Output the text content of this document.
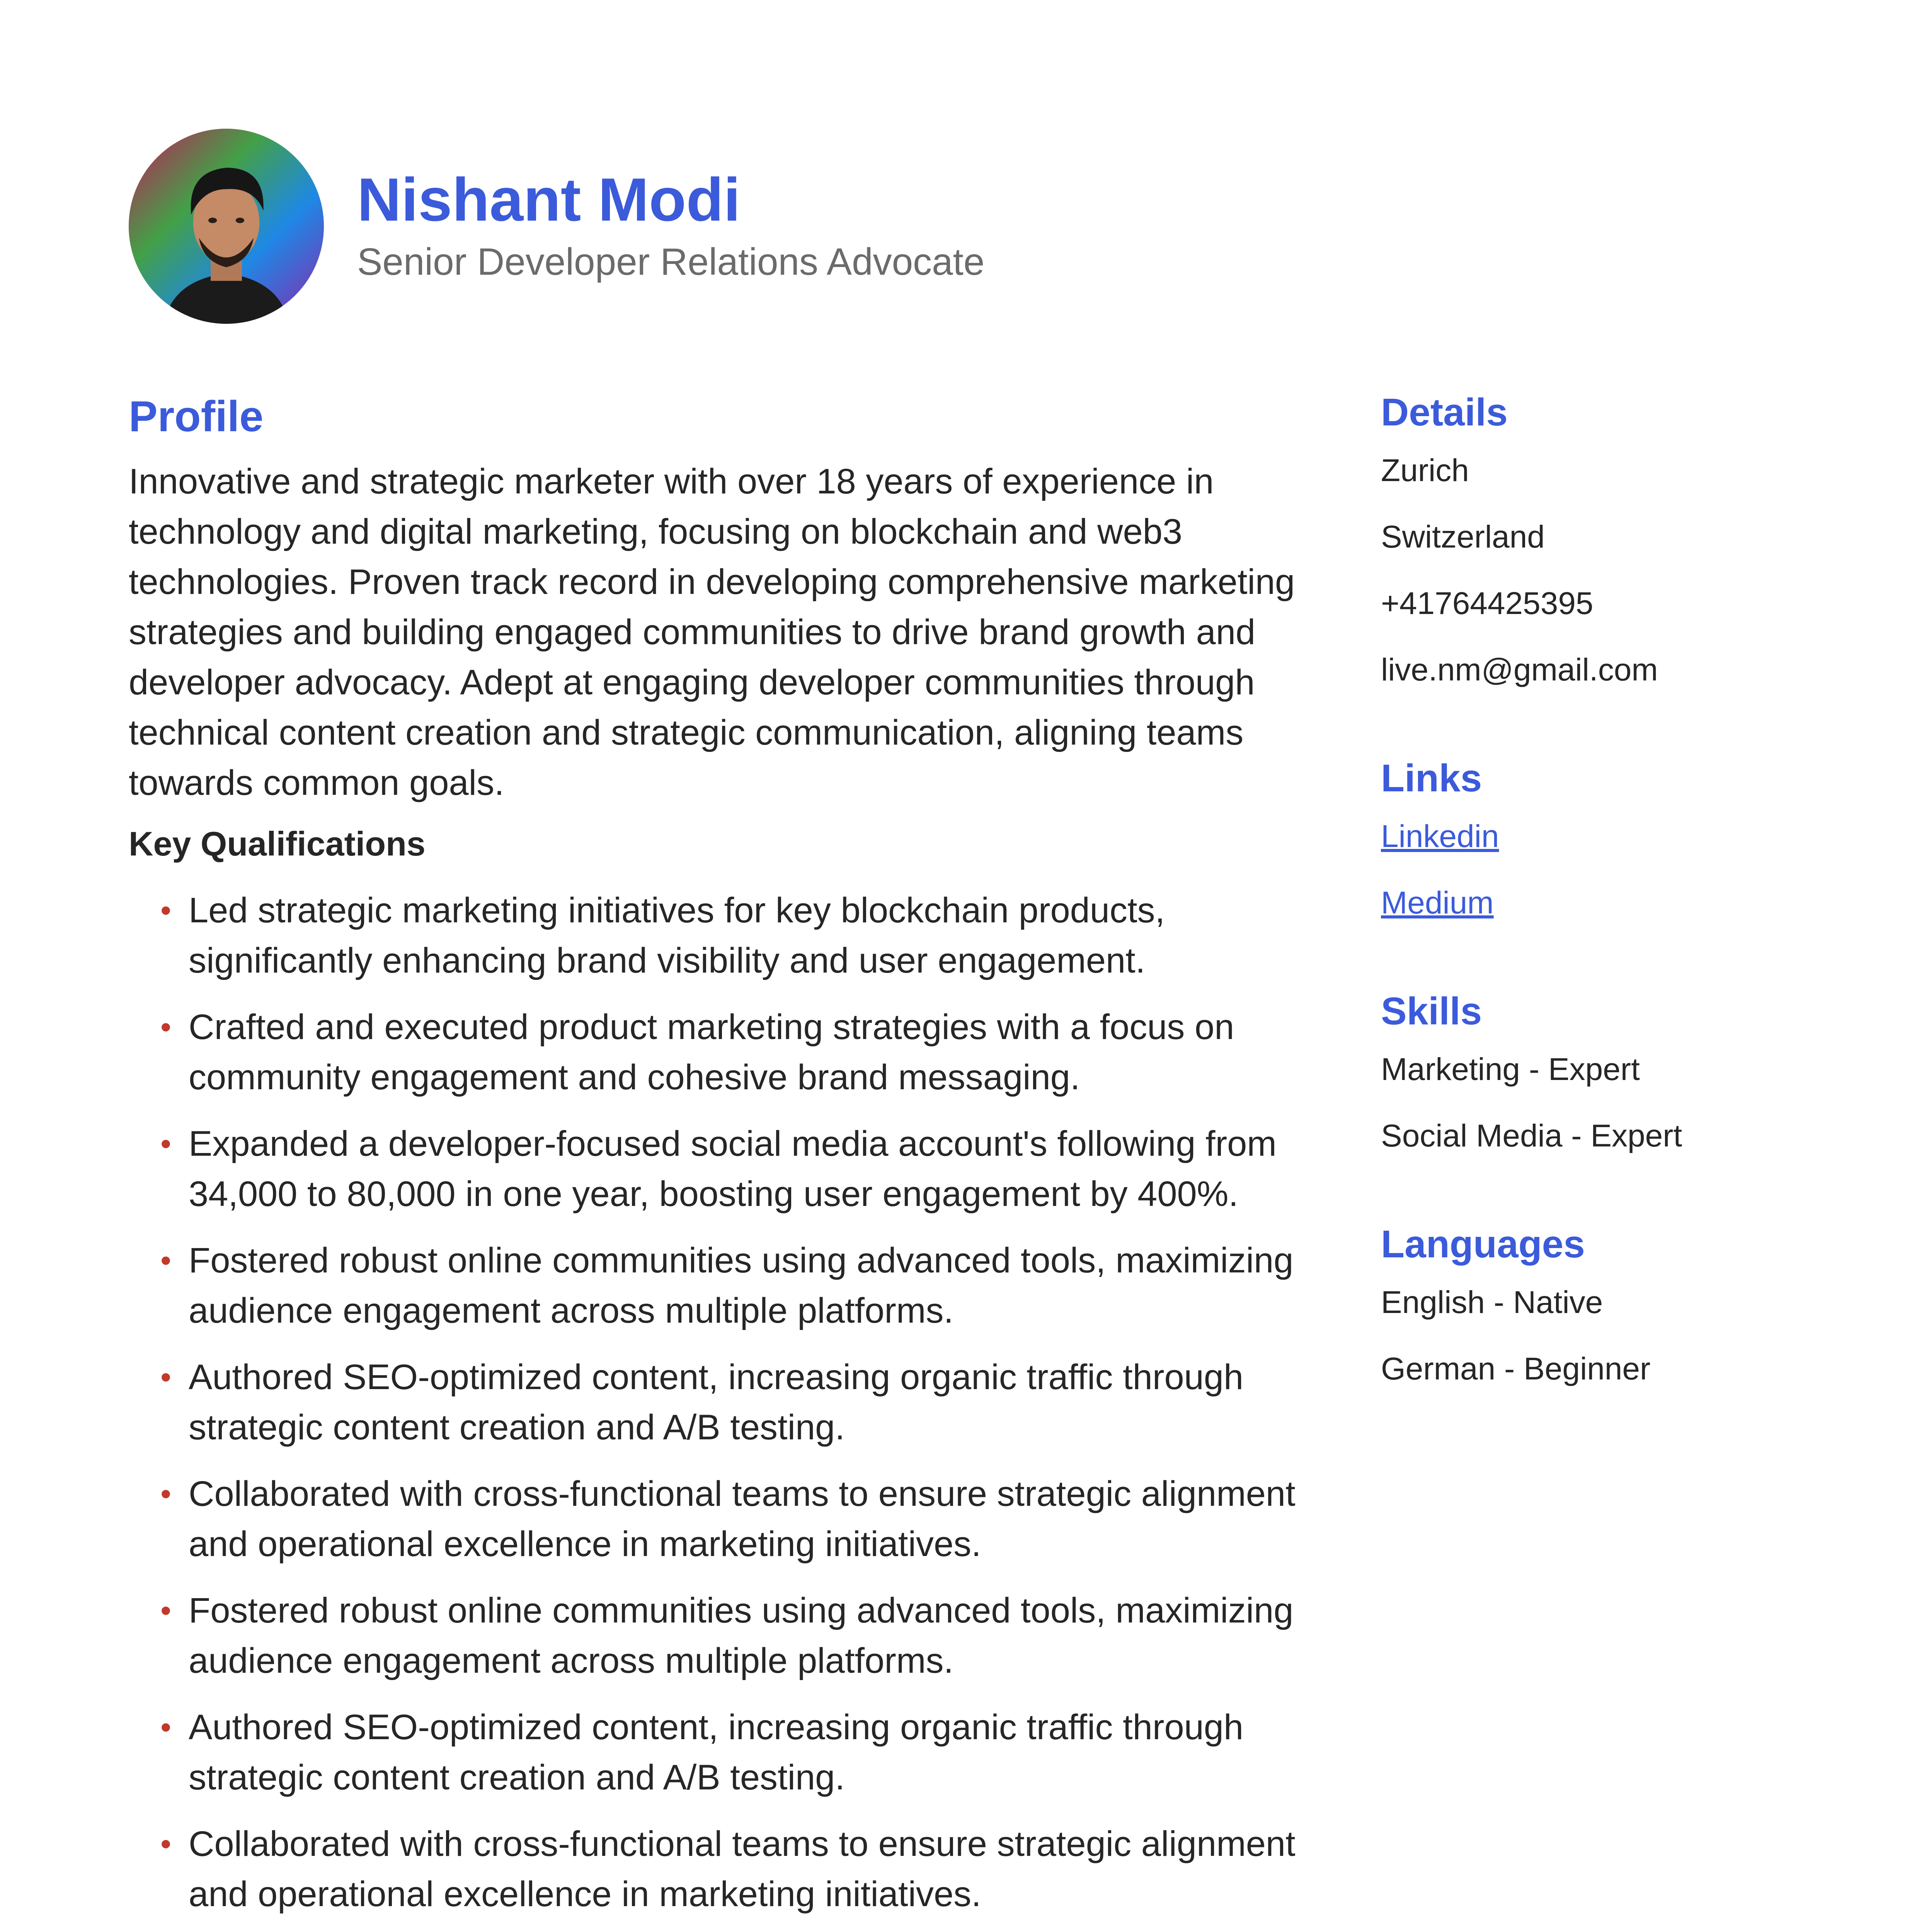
Nishant Modi
Senior Developer Relations Advocate
Profile

Innovative and strategic marketer with over 18 years of experience in technology and digital marketing, focusing on blockchain and web3 technologies. Proven track record in developing comprehensive marketing strategies and building engaged communities to drive brand growth and developer advocacy. Adept at engaging developer communities through technical content creation and strategic communication, aligning teams towards common goals.

Key Qualifications
• Led strategic marketing initiatives for key blockchain products, significantly enhancing brand visibility and user engagement.
• Crafted and executed product marketing strategies with a focus on community engagement and cohesive brand messaging.
• Expanded a developer-focused social media account's following from 34,000 to 80,000 in one year, boosting user engagement by 400%.
• Fostered robust online communities using advanced tools, maximizing audience engagement across multiple platforms.
• Authored SEO-optimized content, increasing organic traffic through strategic content creation and A/B testing.
• Collaborated with cross-functional teams to ensure strategic alignment and operational excellence in marketing initiatives.
• Fostered robust online communities using advanced tools, maximizing audience engagement across multiple platforms.
• Authored SEO-optimized content, increasing organic traffic through strategic content creation and A/B testing.
• Collaborated with cross-functional teams to ensure strategic alignment and operational excellence in marketing initiatives.
Details
Zurich
Switzerland
+41764425395
live.nm@gmail.com
Links
Linkedin
Medium
Skills
Marketing - Expert
Social Media - Expert
Languages
English - Native
German - Beginner
